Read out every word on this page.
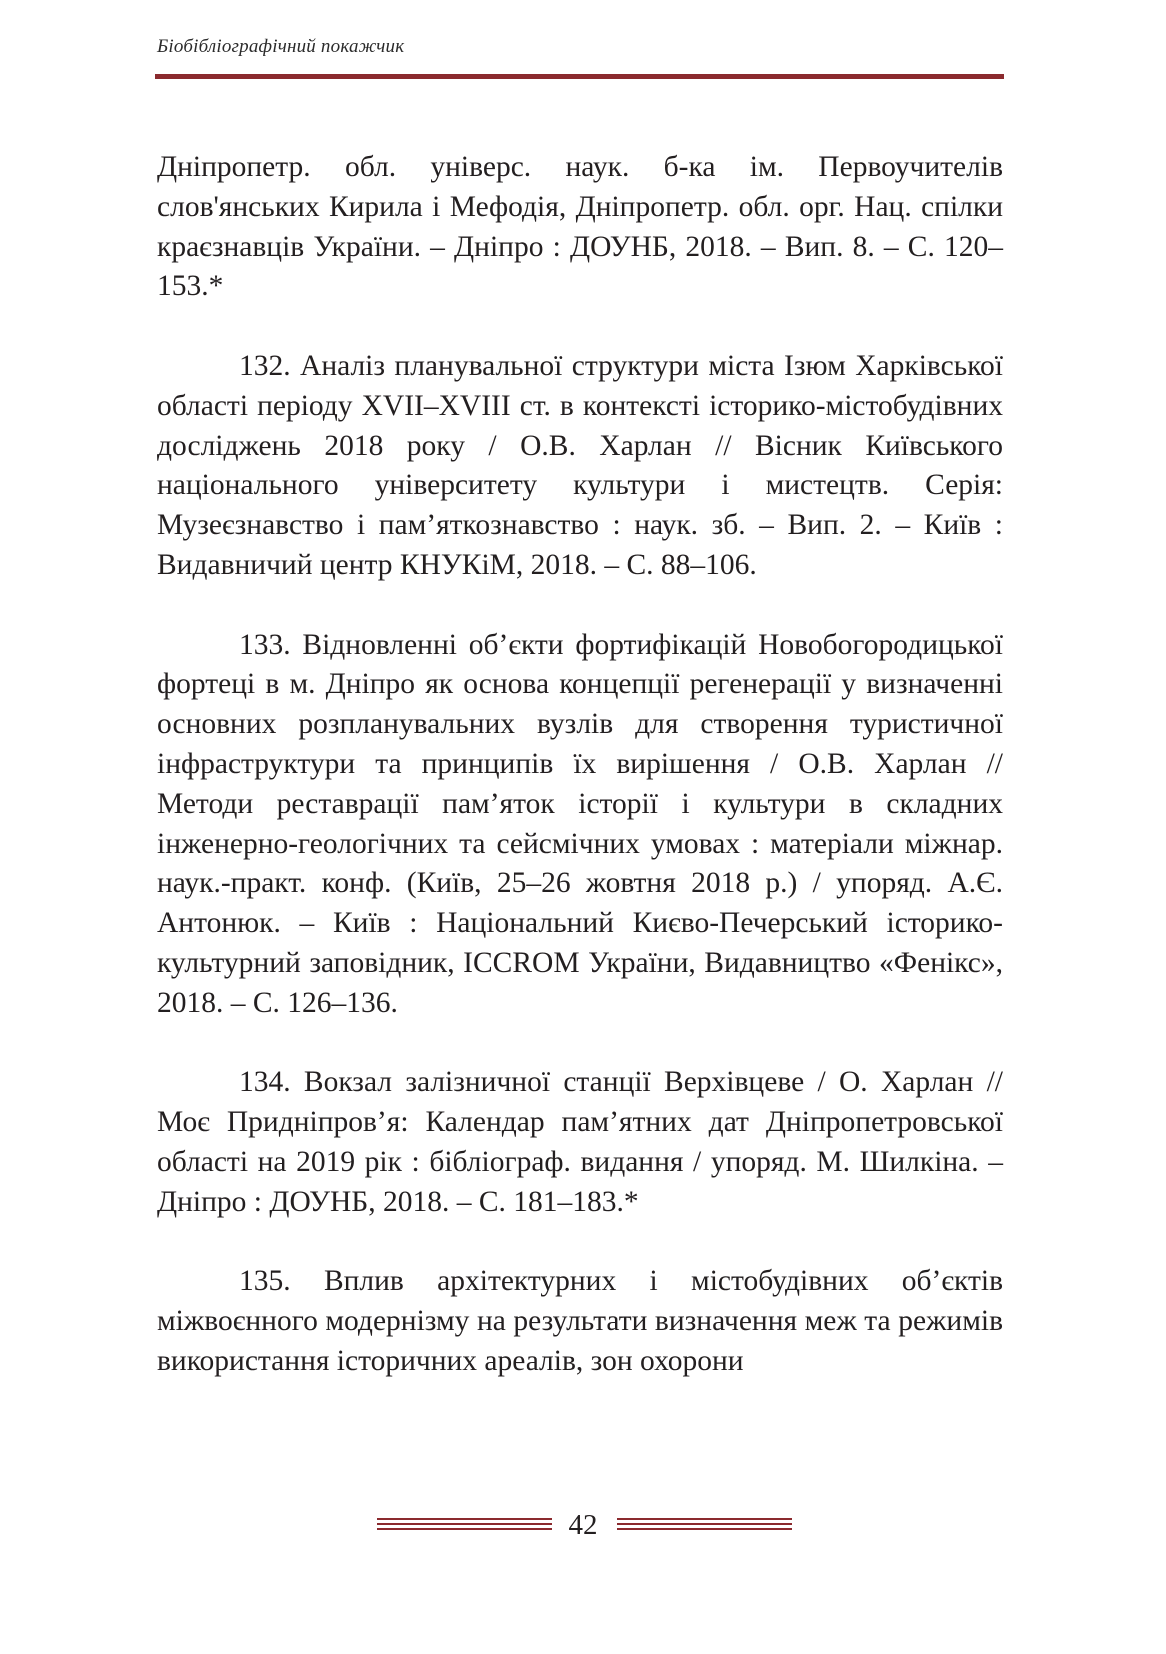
Біобібліографічний покажчик

Дніпропетр. обл. універс. наук. б-ка ім. Первоучителів слов'янських Кирила і Мефодія, Дніпропетр. обл. орг. Нац. спілки краєзнавців України. – Дніпро : ДОУНБ, 2018. – Вип. 8. – С. 120–153.*

132. Аналіз планувальної структури міста Ізюм Харківської області періоду XVII–XVIII ст. в контексті історико-містобудівних досліджень 2018 року / О.В. Харлан // Вісник Київського національного університету культури і мистецтв. Серія: Музеєзнавство і пам’яткознавство : наук. зб. – Вип. 2. – Київ : Видавничий центр КНУКіМ, 2018. – С. 88–106.

133. Відновленні об’єкти фортифікацій Новобогородицької фортеці в м. Дніпро як основа концепції регенерації у визначенні основних розпланувальних вузлів для створення туристичної інфраструктури та принципів їх вирішення / О.В. Харлан // Методи реставрації пам’яток історії і культури в складних інженерно-геологічних та сейсмічних умовах : матеріали міжнар. наук.-практ. конф. (Київ, 25–26 жовтня 2018 р.) / упоряд. А.Є. Антонюк. – Київ : Національний Києво-Печерський історико-культурний заповідник, ICCROM України, Видавництво «Фенікс», 2018. – С. 126–136.

134. Вокзал залізничної станції Верхівцеве / О. Харлан // Моє Придніпров’я: Календар пам’ятних дат Дніпропетровської області на 2019 рік : бібліограф. видання / упоряд. М. Шилкіна. – Дніпро : ДОУНБ, 2018. – С. 181–183.*

135. Вплив архітектурних і містобудівних об’єктів міжвоєнного модернізму на результати визначення меж та режимів використання історичних ареалів, зон охорони

42
